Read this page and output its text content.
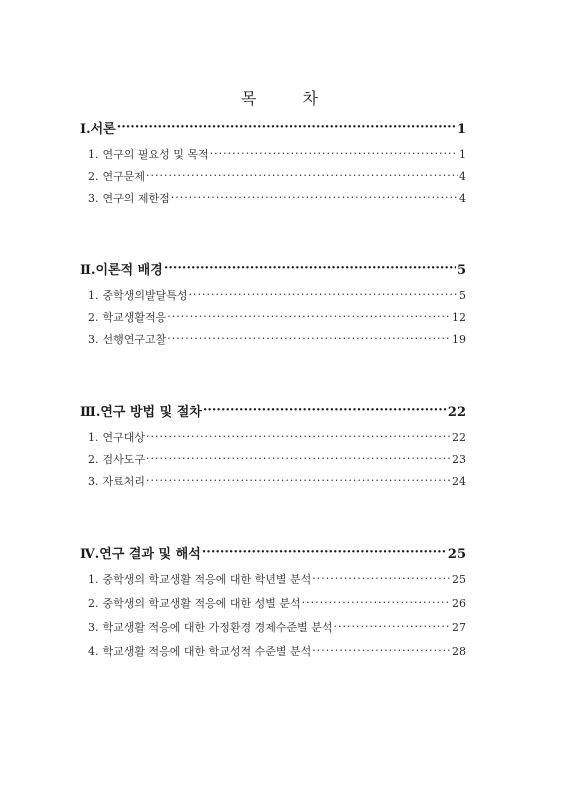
목	차
Ⅰ.서론 ·····	1
1. 연구의 필요성 및 목적 ·····	1
2. 연구문제 ·····	4
3. 연구의 제한점 ·····	4
Ⅱ.이론적 배경 ·····	5
1. 중학생의발달특성 ·····	5
2. 학교생활적응 ·····	12
3. 선행연구고찰 ·····	19
Ⅲ.연구 방법 및 절차 ·····	22
1. 연구대상 ·····	22
2. 검사도구 ·····	23
3. 자료처리 ·····	24
Ⅳ.연구 결과 및 해석 ·····	25
1. 중학생의 학교생활 적응에 대한 학년별 분석 ·····	25
2. 중학생의 학교생활 적응에 대한 성별 분석 ·····	26
3. 학교생활 적응에 대한 가정환경 경제수준별 분석 ·····	27
4. 학교생활 적응에 대한 학교성적 수준별 분석 ·····	28
